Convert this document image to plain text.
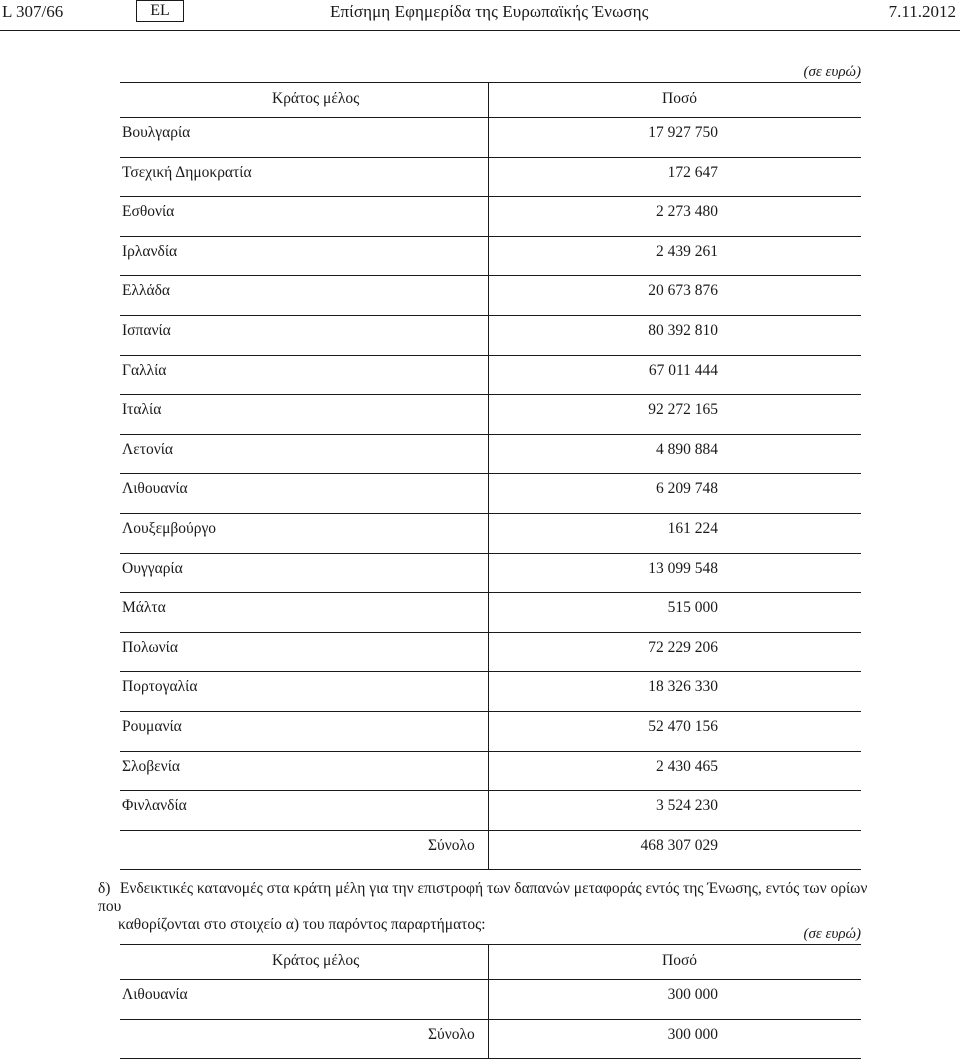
L 307/66	EL	Επίσημη Εφημερίδα της Ευρωπαϊκής Ένωσης	7.11.2012
(σε ευρώ)
Κράτος μέλος	Ποσό
Βουλγαρία	17 927 750
Τσεχική Δημοκρατία	172 647
Εσθονία	2 273 480
Ιρλανδία	2 439 261
Ελλάδα	20 673 876
Ισπανία	80 392 810
Γαλλία	67 011 444
Ιταλία	92 272 165
Λετονία	4 890 884
Λιθουανία	6 209 748
Λουξεμβούργο	161 224
Ουγγαρία	13 099 548
Μάλτα	515 000
Πολωνία	72 229 206
Πορτογαλία	18 326 330
Ρουμανία	52 470 156
Σλοβενία	2 430 465
Φινλανδία	3 524 230
Σύνολο	468 307 029
δ) Ενδεικτικές κατανομές στα κράτη μέλη για την επιστροφή των δαπανών μεταφοράς εντός της Ένωσης, εντός των ορίων που
καθορίζονται στο στοιχείο α) του παρόντος παραρτήματος:
(σε ευρώ)
Κράτος μέλος	Ποσό
Λιθουανία	300 000
Σύνολο	300 000
